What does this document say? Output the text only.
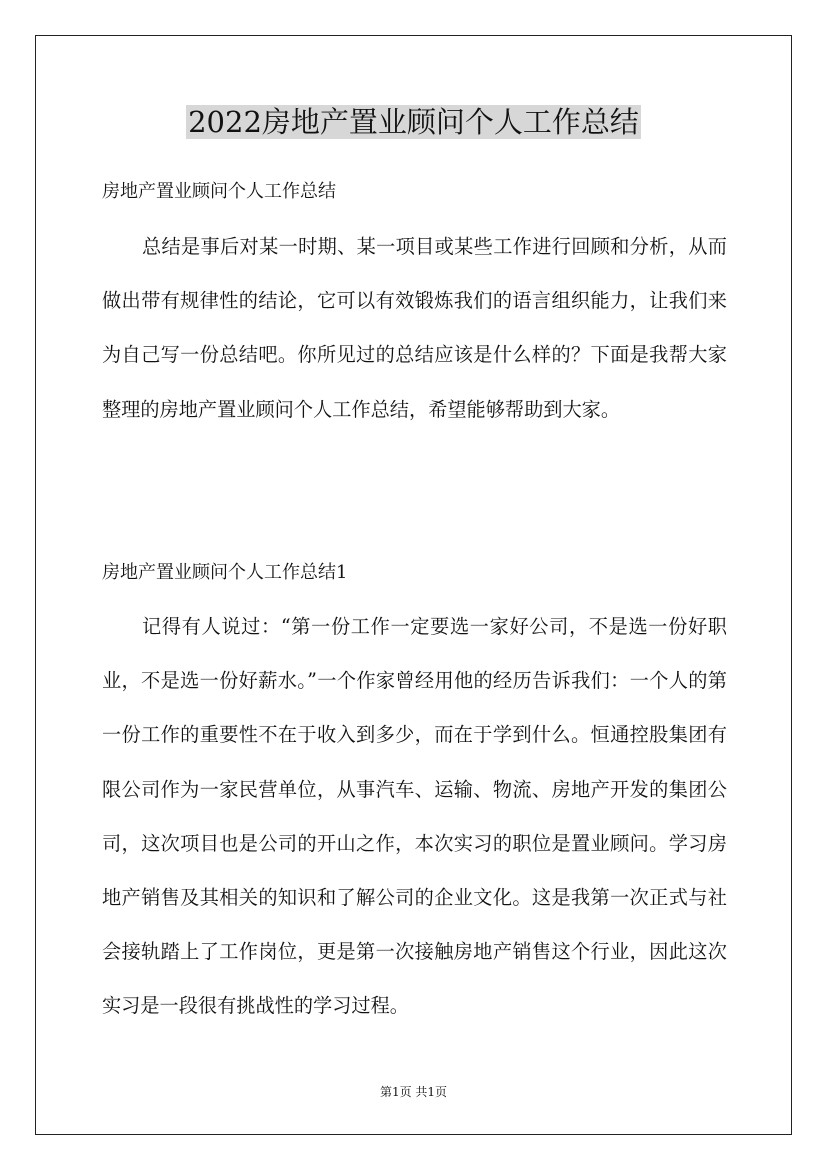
2022房地产置业顾问个人工作总结
房地产置业顾问个人工作总结

总结是事后对某一时期、某一项目或某些工作进行回顾和分析，从而做出带有规律性的结论，它可以有效锻炼我们的语言组织能力，让我们来为自己写一份总结吧。你所见过的总结应该是什么样的？下面是我帮大家整理的房地产置业顾问个人工作总结，希望能够帮助到大家。

房地产置业顾问个人工作总结1

记得有人说过：“第一份工作一定要选一家好公司，不是选一份好职业，不是选一份好薪水。”一个作家曾经用他的经历告诉我们：一个人的第一份工作的重要性不在于收入到多少，而在于学到什么。恒通控股集团有限公司作为一家民营单位，从事汽车、运输、物流、房地产开发的集团公司，这次项目也是公司的开山之作，本次实习的职位是置业顾问。学习房地产销售及其相关的知识和了解公司的企业文化。这是我第一次正式与社会接轨踏上了工作岗位，更是第一次接触房地产销售这个行业，因此这次实习是一段很有挑战性的学习过程。

第1页 共1页
